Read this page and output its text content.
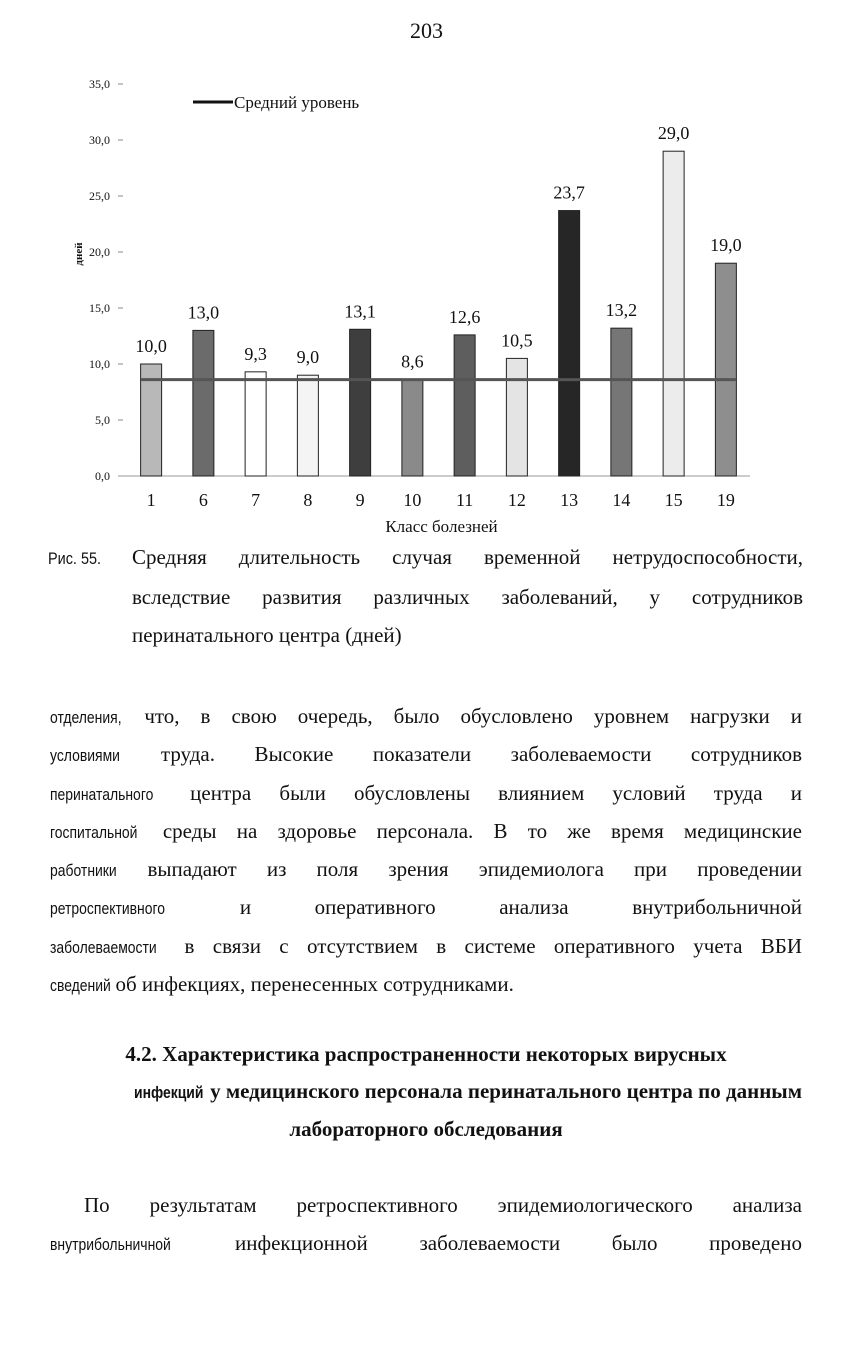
203
0,0
5,0
10,0
15,0
20,0
25,0
30,0
35,0
дней
Класс болезней
10,0
1
13,0
6
9,3
7
9,0
8
13,1
9
8,6
10
12,6
11
10,5
12
23,7
13
13,2
14
29,0
15
19,0
19
Средний уровень
Рис. 55. Средняя длительность случая временной нетрудоспособности,
вследствие развития различных заболеваний, у сотрудников
перинатального центра (дней)
отделения, что, в свою очередь, было обусловлено уровнем нагрузки и
условиями труда. Высокие показатели заболеваемости сотрудников
перинатального центра были обусловлены влиянием условий труда и
госпитальной среды на здоровье персонала. В то же время медицинские
работники выпадают из поля зрения эпидемиолога при проведении
ретроспективного и оперативного анализа внутрибольничной
заболеваемости в связи с отсутствием в системе оперативного учета ВБИ
сведений об инфекциях, перенесенных сотрудниками.
4.2. Характеристика распространенности некоторых вирусных
инфекций у медицинского персонала перинатального центра по данным
лабораторного обследования
По результатам ретроспективного эпидемиологического анализа
внутрибольничной инфекционной заболеваемости было проведено
